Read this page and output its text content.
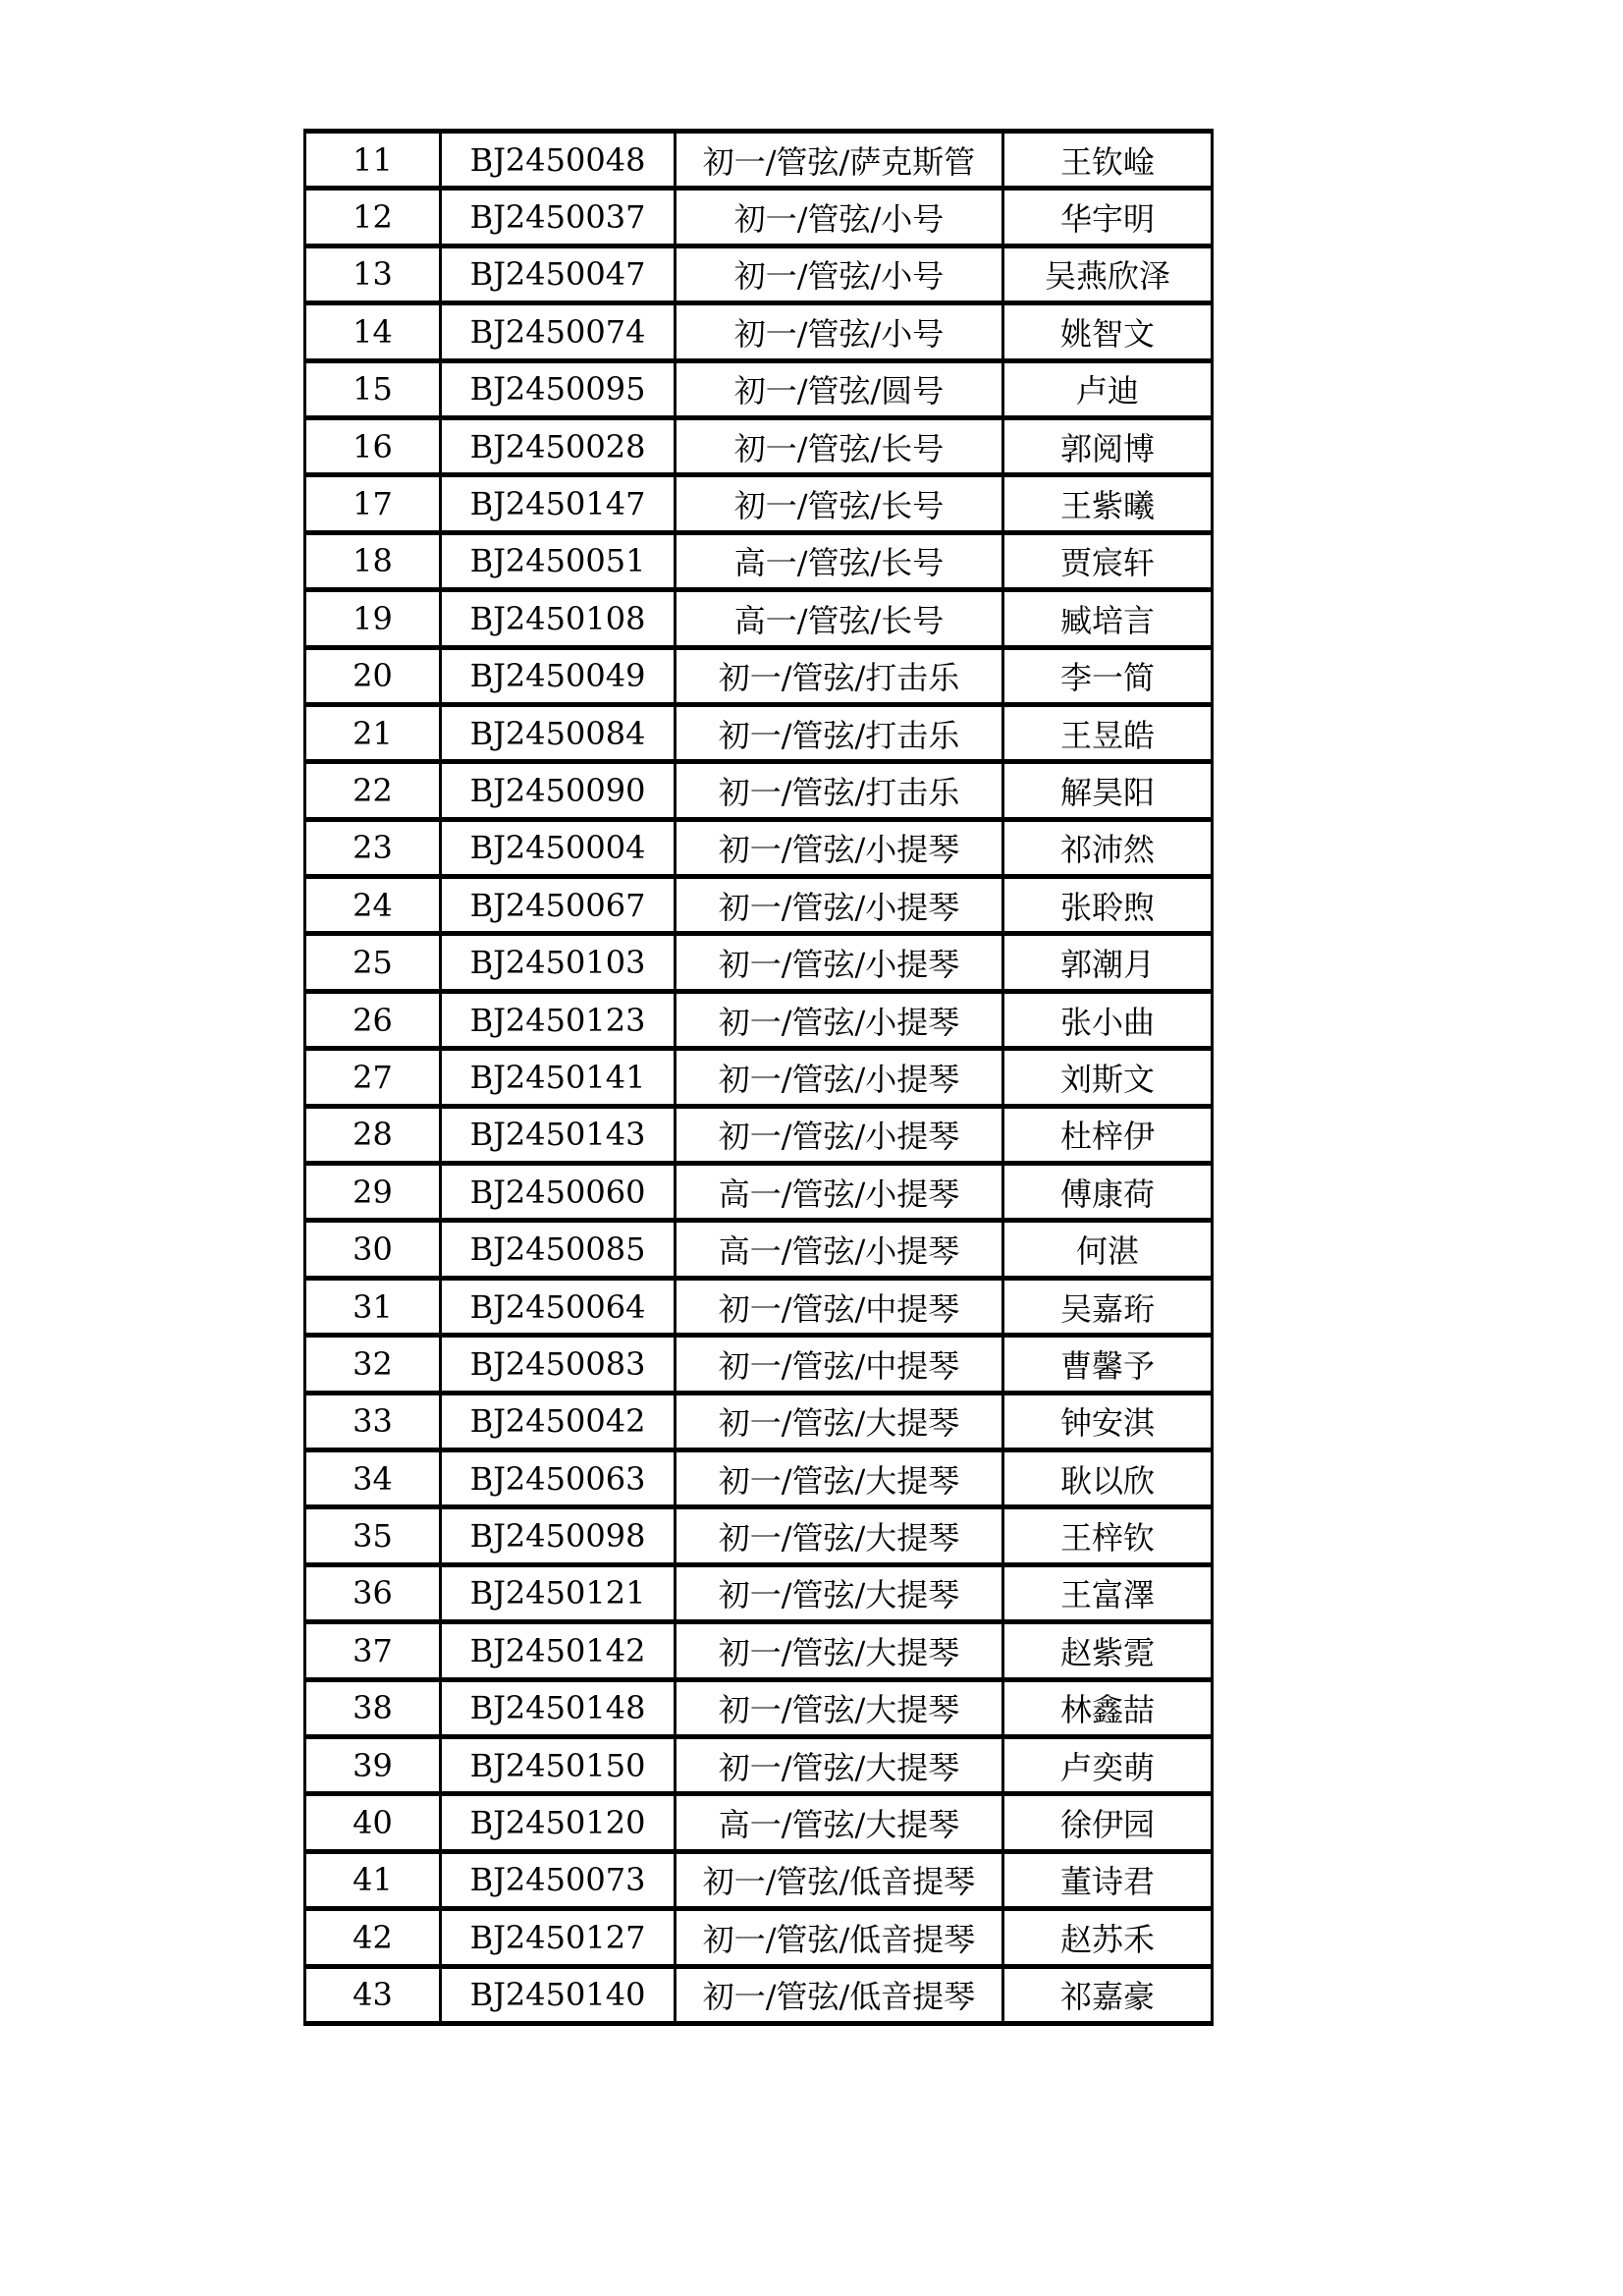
11	BJ2450048	初一/管弦/萨克斯管	王钦崯
12	BJ2450037	初一/管弦/小号	华宇明
13	BJ2450047	初一/管弦/小号	吴燕欣泽
14	BJ2450074	初一/管弦/小号	姚智文
15	BJ2450095	初一/管弦/圆号	卢迪
16	BJ2450028	初一/管弦/长号	郭阅博
17	BJ2450147	初一/管弦/长号	王紫曦
18	BJ2450051	高一/管弦/长号	贾宸轩
19	BJ2450108	高一/管弦/长号	臧培言
20	BJ2450049	初一/管弦/打击乐	李一简
21	BJ2450084	初一/管弦/打击乐	王昱皓
22	BJ2450090	初一/管弦/打击乐	解昊阳
23	BJ2450004	初一/管弦/小提琴	祁沛然
24	BJ2450067	初一/管弦/小提琴	张聆煦
25	BJ2450103	初一/管弦/小提琴	郭潮月
26	BJ2450123	初一/管弦/小提琴	张小曲
27	BJ2450141	初一/管弦/小提琴	刘斯文
28	BJ2450143	初一/管弦/小提琴	杜梓伊
29	BJ2450060	高一/管弦/小提琴	傅康荷
30	BJ2450085	高一/管弦/小提琴	何湛
31	BJ2450064	初一/管弦/中提琴	吴嘉珩
32	BJ2450083	初一/管弦/中提琴	曹馨予
33	BJ2450042	初一/管弦/大提琴	钟安淇
34	BJ2450063	初一/管弦/大提琴	耿以欣
35	BJ2450098	初一/管弦/大提琴	王梓钦
36	BJ2450121	初一/管弦/大提琴	王富澤
37	BJ2450142	初一/管弦/大提琴	赵紫霓
38	BJ2450148	初一/管弦/大提琴	林鑫喆
39	BJ2450150	初一/管弦/大提琴	卢奕萌
40	BJ2450120	高一/管弦/大提琴	徐伊园
41	BJ2450073	初一/管弦/低音提琴	董诗君
42	BJ2450127	初一/管弦/低音提琴	赵苏禾
43	BJ2450140	初一/管弦/低音提琴	祁嘉豪
